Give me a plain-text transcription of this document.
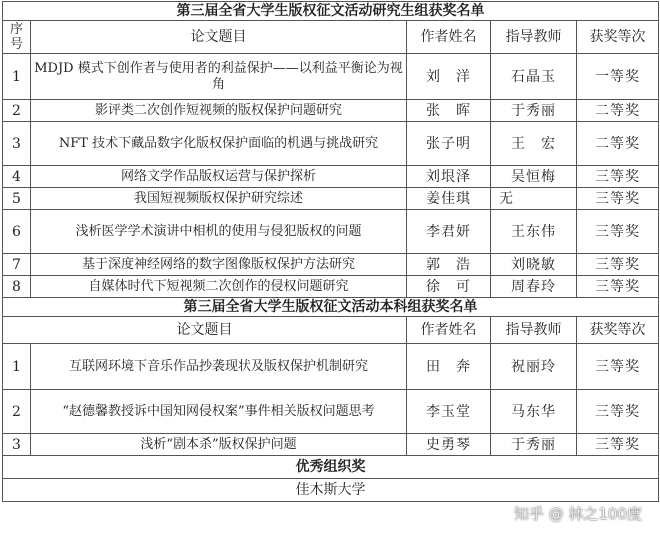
第三届全省大学生版权征文活动研究生组获奖名单				
序号	论文题目	作者姓名	指导教师	获奖等次
1	MDJD 模式下创作者与使用者的利益保护——以利益平衡论为视角	刘　洋	石晶玉	一等奖
2	影评类二次创作短视频的版权保护问题研究	张　晖	于秀丽	二等奖
3	NFT 技术下藏品数字化版权保护面临的机遇与挑战研究	张子明	王　宏	二等奖
4	网络文学作品版权运营与保护探析	刘垠泽	吴恒梅	三等奖
5	我国短视频版权保护研究综述	姜佳琪	无	三等奖
6	浅析医学学术演讲中相机的使用与侵犯版权的问题	李君妍	王东伟	三等奖
7	基于深度神经网络的数字图像版权保护方法研究	郭　浩	刘晓敏	三等奖
8	自媒体时代下短视频二次创作的侵权问题研究	徐　可	周春玲	三等奖
第三届全省大学生版权征文活动本科组获奖名单				
论文题目		作者姓名	指导教师	获奖等次
1	互联网环境下音乐作品抄袭现状及版权保护机制研究	田　奔	祝丽玲	三等奖
2	“赵德馨教授诉中国知网侵权案”事件相关版权问题思考	李玉堂	马东华	三等奖
3	浅析“剧本杀”版权保护问题	史勇琴	于秀丽	三等奖
优秀组织奖				
佳木斯大学				
知乎 @ 林之100度
